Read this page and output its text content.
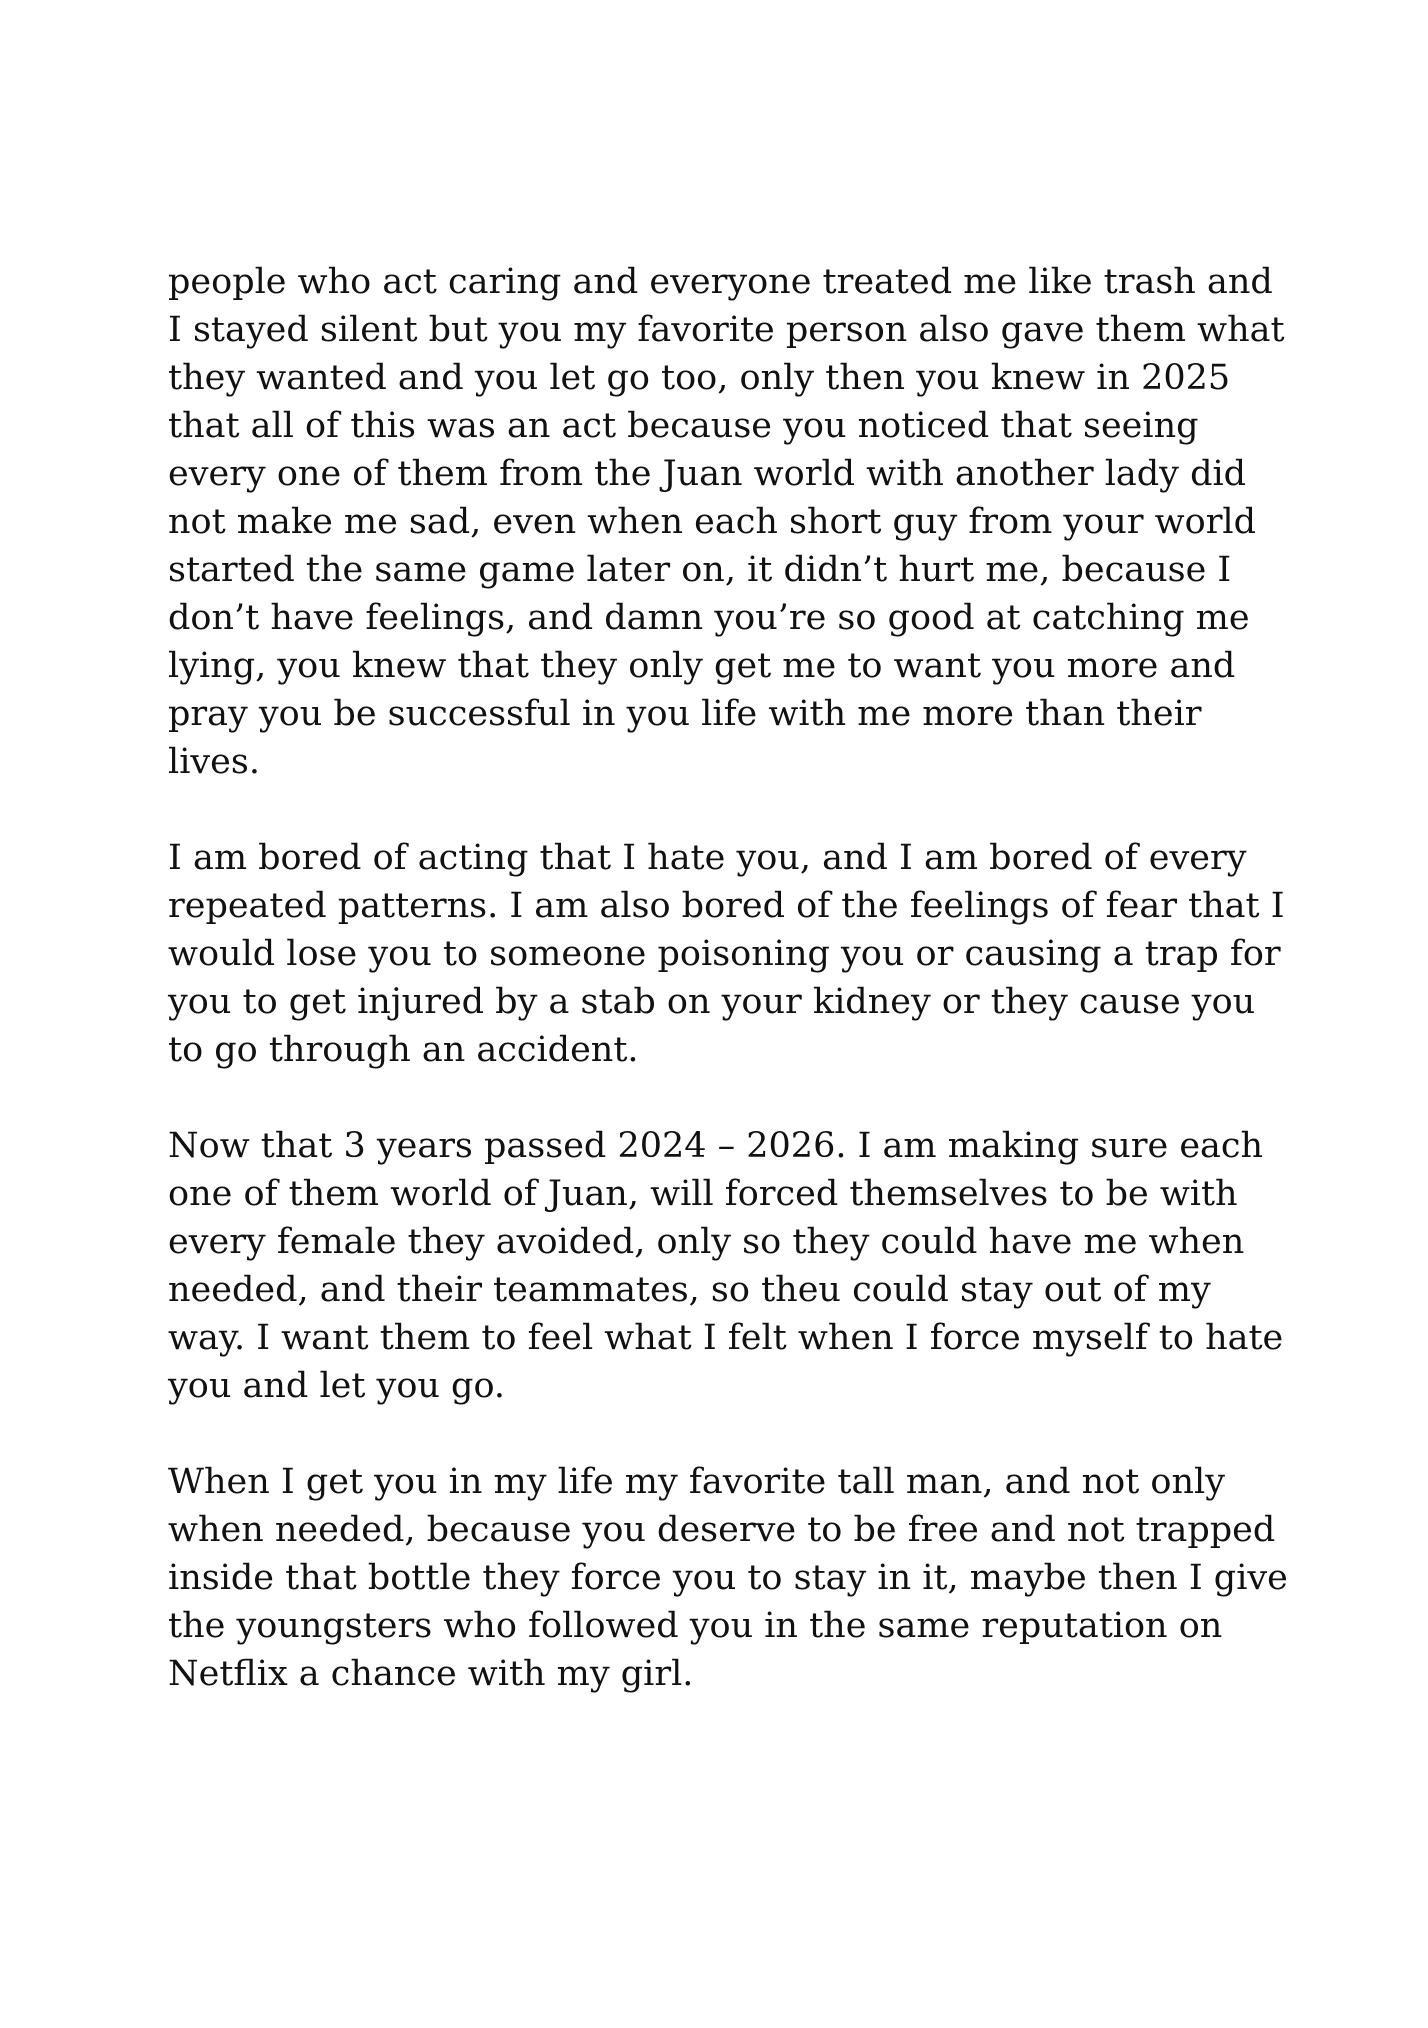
people who act caring and everyone treated me like trash and
I stayed silent but you my favorite person also gave them what
they wanted and you let go too, only then you knew in 2025
that all of this was an act because you noticed that seeing
every one of them from the Juan world with another lady did
not make me sad, even when each short guy from your world
started the same game later on, it didn’t hurt me, because I
don’t have feelings, and damn you’re so good at catching me
lying, you knew that they only get me to want you more and
pray you be successful in you life with me more than their
lives.

I am bored of acting that I hate you, and I am bored of every
repeated patterns. I am also bored of the feelings of fear that I
would lose you to someone poisoning you or causing a trap for
you to get injured by a stab on your kidney or they cause you
to go through an accident.

Now that 3 years passed 2024 – 2026. I am making sure each
one of them world of Juan, will forced themselves to be with
every female they avoided, only so they could have me when
needed, and their teammates, so theu could stay out of my
way. I want them to feel what I felt when I force myself to hate
you and let you go.

When I get you in my life my favorite tall man, and not only
when needed, because you deserve to be free and not trapped
inside that bottle they force you to stay in it, maybe then I give
the youngsters who followed you in the same reputation on
Netflix a chance with my girl.
